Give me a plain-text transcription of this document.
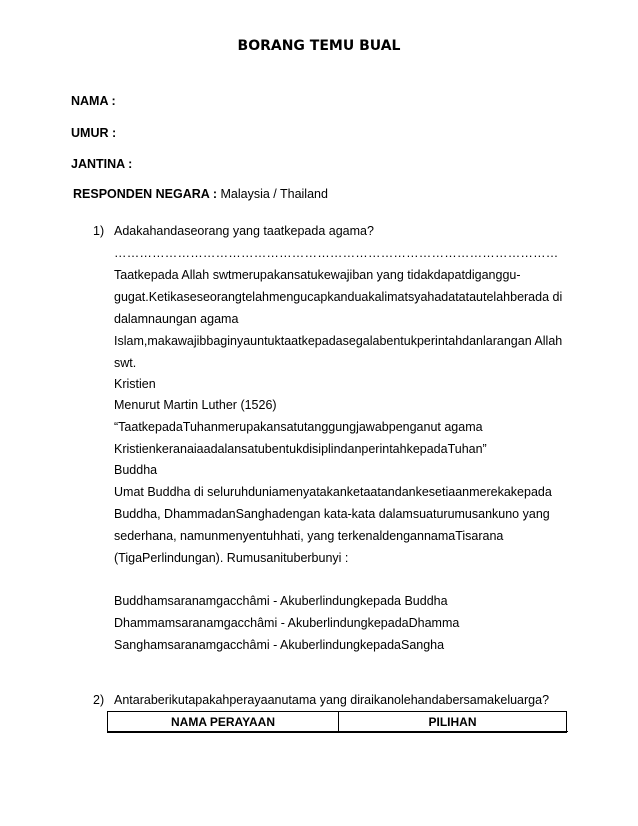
BORANG TEMU BUAL
NAMA :
UMUR :
JANTINA :
RESPONDEN NEGARA : Malaysia / Thailand
1) Adakahandaseorang yang taatkepada agama?
……………………………………………………………………………………………
Taatkepada Allah swtmerupakansatukewajiban yang tidakdapatdiganggu-
gugat.Ketikaseseorangtelahmengucapkanduakalimatsyahadatatautelahberada di
dalamnaungan agama
Islam,makawajibbaginyauntuktaatkepadasegalabentukperintahdanlarangan Allah
swt.
Kristien
Menurut Martin Luther (1526)
“TaatkepadaTuhanmerupakansatutanggungjawabpenganut agama
KristienkeranaiaadalansatubentukdisiplindanperintahkepadaTuhan”
Buddha
Umat Buddha di seluruhduniamenyatakanketaatandankesetiaanmerekakepada
Buddha, DhammadanSanghadengan kata-kata dalamsuaturumusankuno yang
sederhana, namunmenyentuhhati, yang terkenaldengannamaTisarana
(TigaPerlindungan). Rumusanituberbunyi :
Buddhamsaranamgacchâmi - Akuberlindungkepada Buddha
Dhammamsaranamgacchâmi - AkuberlindungkepadaDhamma
Sanghamsaranamgacchâmi - AkuberlindungkepadaSangha
2) Antaraberikutapakahperayaanutama yang diraikanolehandabersamakeluarga?
NAMA PERAYAAN	PILIHAN
